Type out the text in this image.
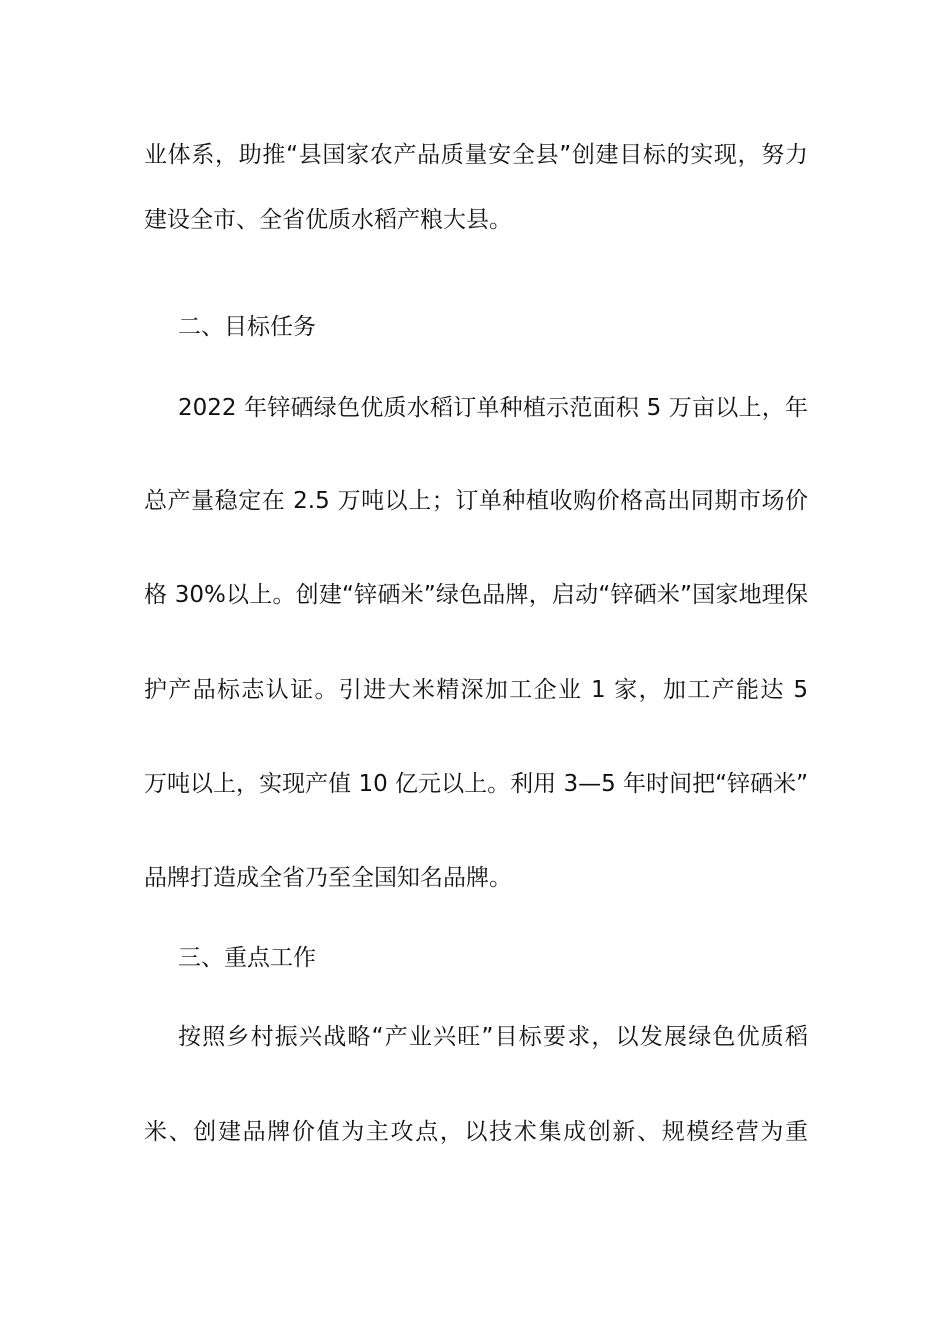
业体系，助推“县国家农产品质量安全县”创建目标的实现，努力
建设全市、全省优质水稻产粮大县。
二、目标任务
2022 年锌硒绿色优质水稻订单种植示范面积 5 万亩以上，年
总产量稳定在 2.5 万吨以上；订单种植收购价格高出同期市场价
格 30%以上。创建“锌硒米”绿色品牌，启动“锌硒米”国家地理保
护产品标志认证。引进大米精深加工企业 1 家，加工产能达 5
万吨以上，实现产值 10 亿元以上。利用 3—5 年时间把“锌硒米”
品牌打造成全省乃至全国知名品牌。
三、重点工作
按照乡村振兴战略“产业兴旺”目标要求，以发展绿色优质稻
米、创建品牌价值为主攻点，以技术集成创新、规模经营为重
